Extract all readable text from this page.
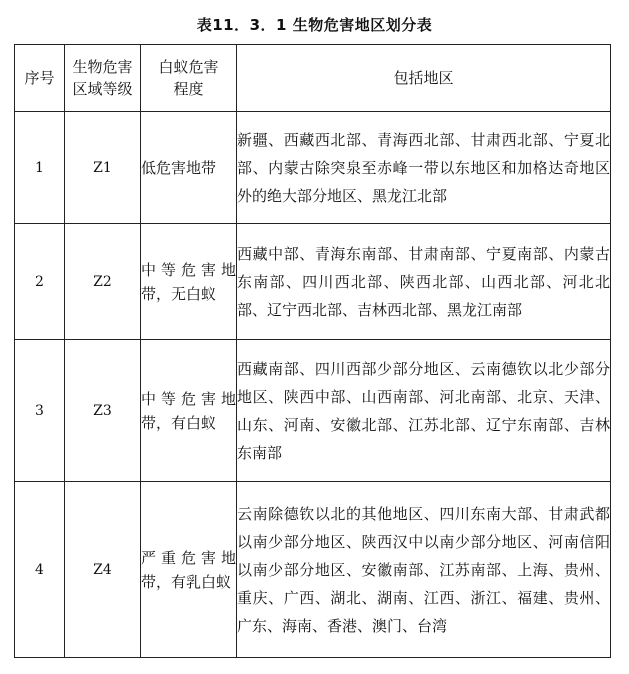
表11．3．1 生物危害地区划分表
序号	生物危害区域等级	白蚁危害程度	包括地区
1	Z1	低危害地带	新疆、西藏西北部、青海西北部、甘肃西北部、宁夏北部、内蒙古除突泉至赤峰一带以东地区和加格达奇地区外的绝大部分地区、黑龙江北部
2	Z2	中等危害地带，无白蚁	西藏中部、青海东南部、甘肃南部、宁夏南部、内蒙古东南部、四川西北部、陕西北部、山西北部、河北北部、辽宁西北部、吉林西北部、黑龙江南部
3	Z3	中等危害地带，有白蚁	西藏南部、四川西部少部分地区、云南德钦以北少部分地区、陕西中部、山西南部、河北南部、北京、天津、山东、河南、安徽北部、江苏北部、辽宁东南部、吉林东南部
4	Z4	严重危害地带，有乳白蚁	云南除德钦以北的其他地区、四川东南大部、甘肃武都以南少部分地区、陕西汉中以南少部分地区、河南信阳以南少部分地区、安徽南部、江苏南部、上海、贵州、重庆、广西、湖北、湖南、江西、浙江、福建、贵州、广东、海南、香港、澳门、台湾
